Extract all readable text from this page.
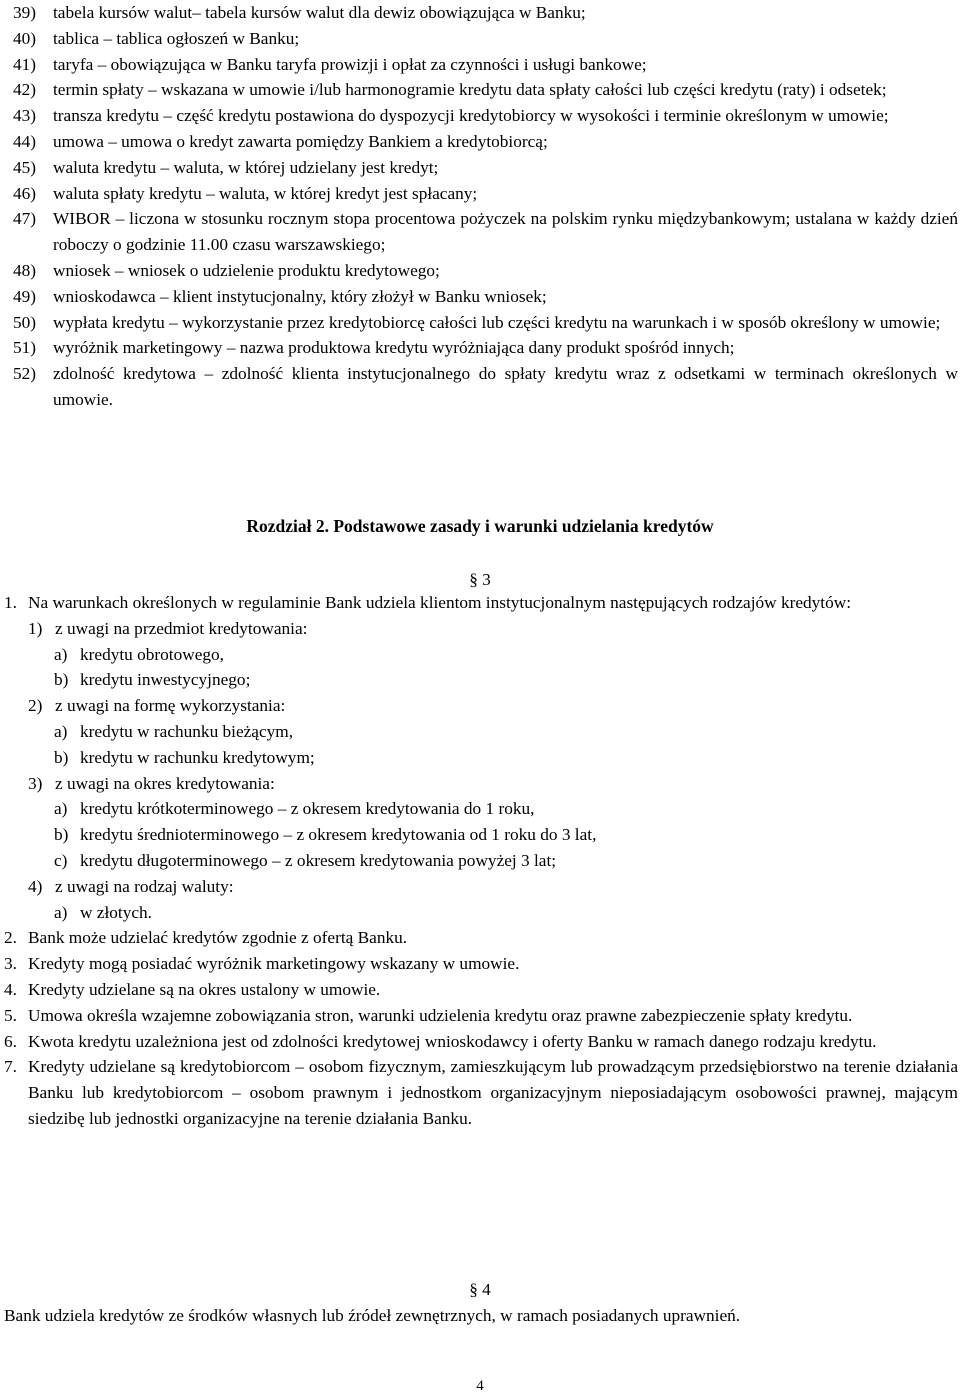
39) tabela kursów walut– tabela kursów walut dla dewiz obowiązująca w Banku;
40) tablica – tablica ogłoszeń w Banku;
41) taryfa – obowiązująca w Banku taryfa prowizji i opłat za czynności i usługi bankowe;
42) termin spłaty – wskazana w umowie i/lub harmonogramie kredytu data spłaty całości lub części kredytu (raty) i odsetek;
43) transza kredytu – część kredytu postawiona do dyspozycji kredytobiorcy w wysokości i terminie określonym w umowie;
44) umowa – umowa o kredyt zawarta pomiędzy Bankiem a kredytobiorcą;
45) waluta kredytu – waluta, w której udzielany jest kredyt;
46) waluta spłaty kredytu – waluta, w której kredyt jest spłacany;
47) WIBOR – liczona w stosunku rocznym stopa procentowa pożyczek na polskim rynku międzybankowym; ustalana w każdy dzień roboczy o godzinie 11.00 czasu warszawskiego;
48) wniosek – wniosek o udzielenie produktu kredytowego;
49) wnioskodawca – klient instytucjonalny, który złożył w Banku wniosek;
50) wypłata kredytu – wykorzystanie przez kredytobiorcę całości lub części kredytu na warunkach i w sposób określony w umowie;
51) wyróżnik marketingowy – nazwa produktowa kredytu wyróżniająca dany produkt spośród innych;
52) zdolność kredytowa – zdolność klienta instytucjonalnego do spłaty kredytu wraz z odsetkami w terminach określonych w umowie.
Rozdział 2. Podstawowe zasady i warunki udzielania kredytów
§ 3
1. Na warunkach określonych w regulaminie Bank udziela klientom instytucjonalnym następujących rodzajów kredytów:
1) z uwagi na przedmiot kredytowania:
a) kredytu obrotowego,
b) kredytu inwestycyjnego;
2) z uwagi na formę wykorzystania:
a) kredytu w rachunku bieżącym,
b) kredytu w rachunku kredytowym;
3) z uwagi na okres kredytowania:
a) kredytu krótkoterminowego – z okresem kredytowania do 1 roku,
b) kredytu średnioterminowego – z okresem kredytowania od 1 roku do 3 lat,
c) kredytu długoterminowego – z okresem kredytowania powyżej 3 lat;
4) z uwagi na rodzaj waluty:
a) w złotych.
2. Bank może udzielać kredytów zgodnie z ofertą Banku.
3. Kredyty mogą posiadać wyróżnik marketingowy wskazany w umowie.
4. Kredyty udzielane są na okres ustalony w umowie.
5. Umowa określa wzajemne zobowiązania stron, warunki udzielenia kredytu oraz prawne zabezpieczenie spłaty kredytu.
6. Kwota kredytu uzależniona jest od zdolności kredytowej wnioskodawcy i oferty Banku w ramach danego rodzaju kredytu.
7. Kredyty udzielane są kredytobiorcom – osobom fizycznym, zamieszkującym lub prowadzącym przedsiębiorstwo na terenie działania Banku lub kredytobiorcom – osobom prawnym i jednostkom organizacyjnym nieposiadającym osobowości prawnej, mającym siedzibę lub jednostki organizacyjne na terenie działania Banku.
§ 4
Bank udziela kredytów ze środków własnych lub źródeł zewnętrznych, w ramach posiadanych uprawnień.
4
